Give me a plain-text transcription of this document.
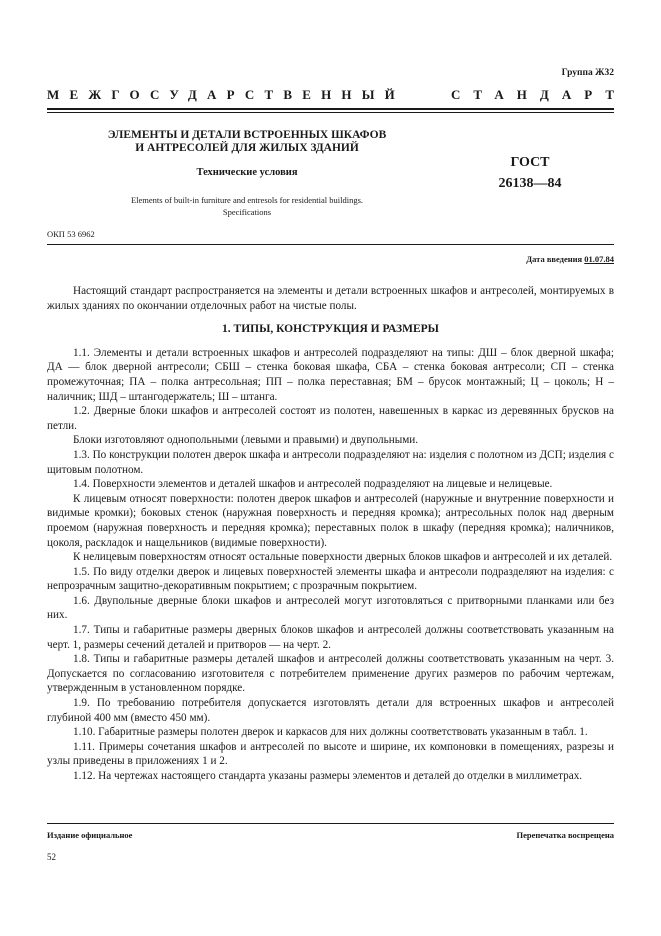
Группа Ж32
МЕЖГОСУДАРСТВЕННЫЙ	СТАНДАРТ
ЭЛЕМЕНТЫ И ДЕТАЛИ ВСТРОЕННЫХ ШКАФОВ
И АНТРЕСОЛЕЙ ДЛЯ ЖИЛЫХ ЗДАНИЙ
Технические условия
Elements of built-in furniture and entresols for residential buildings.
Specifications
ГОСТ
26138—84
ОКП 53 6962
Дата введения 01.07.84

Настоящий стандарт распространяется на элементы и детали встроенных шкафов и антресолей, монтируемых в жилых зданиях по окончании отделочных работ на чистые полы.

1. ТИПЫ, КОНСТРУКЦИЯ И РАЗМЕРЫ

1.1. Элементы и детали встроенных шкафов и антресолей подразделяют на типы: ДШ – блок дверной шкафа; ДА — блок дверной антресоли; СБШ – стенка боковая шкафа, СБА – стенка боковая антресоли; СП – стенка промежуточная; ПА – полка антресольная; ПП – полка переставная; БМ – брусок монтажный; Ц – цоколь; Н – наличник; ШД – штангодержатель; Ш – штанга.

1.2. Дверные блоки шкафов и антресолей состоят из полотен, навешенных в каркас из деревянных брусков на петли.

Блоки изготовляют однопольными (левыми и правыми) и двупольными.

1.3. По конструкции полотен дверок шкафа и антресоли подразделяют на: изделия с полотном из ДСП; изделия с щитовым полотном.

1.4. Поверхности элементов и деталей шкафов и антресолей подразделяют на лицевые и нелицевые.

К лицевым относят поверхности: полотен дверок шкафов и антресолей (наружные и внутренние поверхности и видимые кромки); боковых стенок (наружная поверхность и передняя кромка); антресольных полок над дверным проемом (наружная поверхность и передняя кромка); переставных полок в шкафу (передняя кромка); наличников, цоколя, раскладок и нащельников (видимые поверхности).

К нелицевым поверхностям относят остальные поверхности дверных блоков шкафов и антресолей и их деталей.

1.5. По виду отделки дверок и лицевых поверхностей элементы шкафа и антресоли подразделяют на изделия: с непрозрачным защитно-декоративным покрытием; с прозрачным покрытием.

1.6. Двупольные дверные блоки шкафов и антресолей могут изготовляться с притворными планками или без них.

1.7. Типы и габаритные размеры дверных блоков шкафов и антресолей должны соответствовать указанным на черт. 1, размеры сечений деталей и притворов — на черт. 2.

1.8. Типы и габаритные размеры деталей шкафов и антресолей должны соответствовать указанным на черт. 3. Допускается по согласованию изготовителя с потребителем применение других размеров по рабочим чертежам, утвержденным в установленном порядке.

1.9. По требованию потребителя допускается изготовлять детали для встроенных шкафов и антресолей глубиной 400 мм (вместо 450 мм).

1.10. Габаритные размеры полотен дверок и каркасов для них должны соответствовать указанным в табл. 1.

1.11. Примеры сочетания шкафов и антресолей по высоте и ширине, их компоновки в помещениях, разрезы и узлы приведены в приложениях 1 и 2.

1.12. На чертежах настоящего стандарта указаны размеры элементов и деталей до отделки в миллиметрах.

Издание официальное	Перепечатка воспрещена
52
